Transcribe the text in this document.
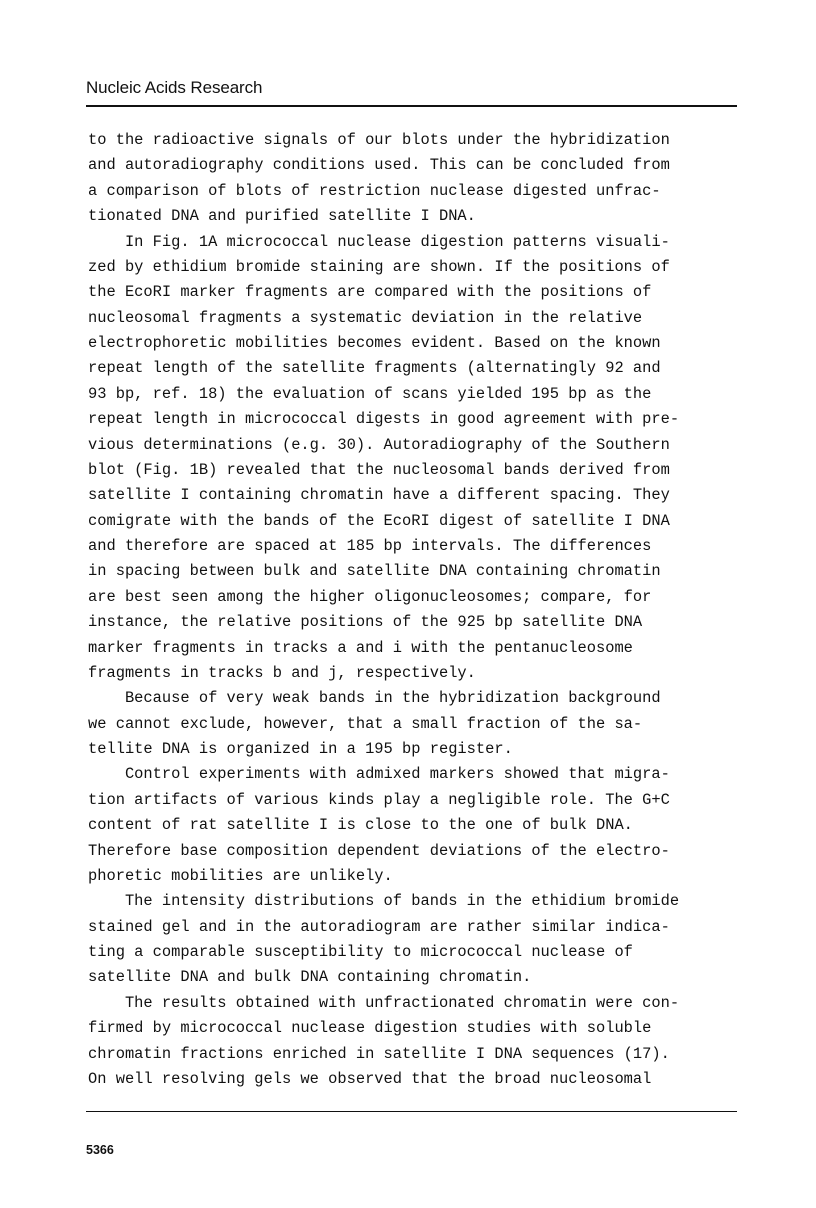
Nucleic Acids Research
to the radioactive signals of our blots under the hybridization
and autoradiography conditions used. This can be concluded from
a comparison of blots of restriction nuclease digested unfrac-
tionated DNA and purified satellite I DNA.
In Fig. 1A micrococcal nuclease digestion patterns visuali-
zed by ethidium bromide staining are shown. If the positions of
the EcoRI marker fragments are compared with the positions of
nucleosomal fragments a systematic deviation in the relative
electrophoretic mobilities becomes evident. Based on the known
repeat length of the satellite fragments (alternatingly 92 and
93 bp, ref. 18) the evaluation of scans yielded 195 bp as the
repeat length in micrococcal digests in good agreement with pre-
vious determinations (e.g. 30). Autoradiography of the Southern
blot (Fig. 1B) revealed that the nucleosomal bands derived from
satellite I containing chromatin have a different spacing. They
comigrate with the bands of the EcoRI digest of satellite I DNA
and therefore are spaced at 185 bp intervals. The differences
in spacing between bulk and satellite DNA containing chromatin
are best seen among the higher oligonucleosomes; compare, for
instance, the relative positions of the 925 bp satellite DNA
marker fragments in tracks a and i with the pentanucleosome
fragments in tracks b and j, respectively.
Because of very weak bands in the hybridization background
we cannot exclude, however, that a small fraction of the sa-
tellite DNA is organized in a 195 bp register.
Control experiments with admixed markers showed that migra-
tion artifacts of various kinds play a negligible role. The G+C
content of rat satellite I is close to the one of bulk DNA.
Therefore base composition dependent deviations of the electro-
phoretic mobilities are unlikely.
The intensity distributions of bands in the ethidium bromide
stained gel and in the autoradiogram are rather similar indica-
ting a comparable susceptibility to micrococcal nuclease of
satellite DNA and bulk DNA containing chromatin.
The results obtained with unfractionated chromatin were con-
firmed by micrococcal nuclease digestion studies with soluble
chromatin fractions enriched in satellite I DNA sequences (17).
On well resolving gels we observed that the broad nucleosomal
5366
